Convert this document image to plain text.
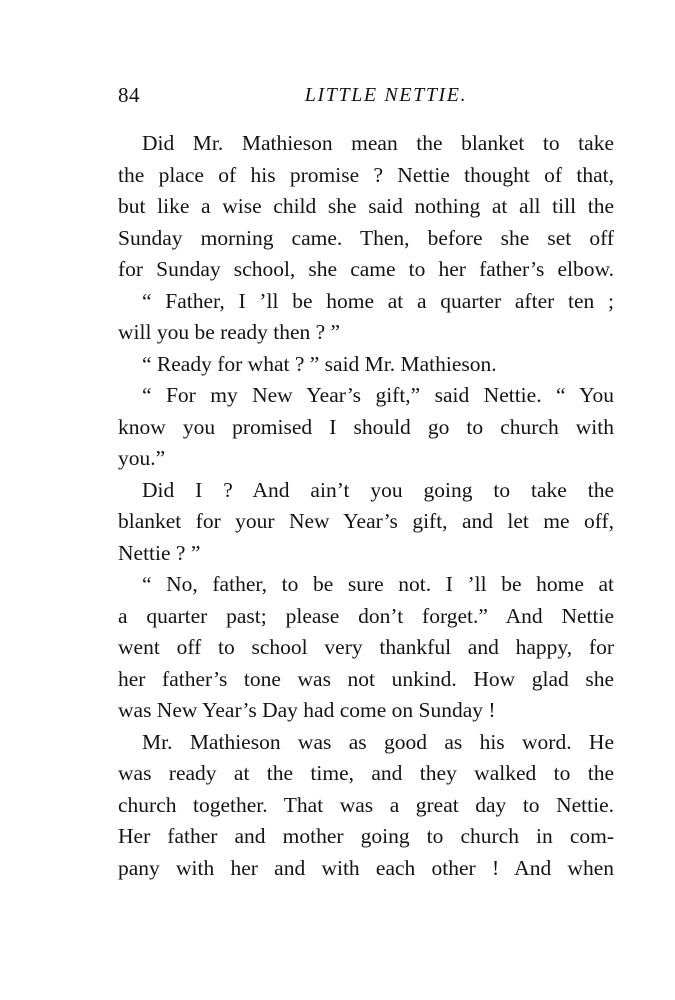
84	LITTLE NETTIE.
Did Mr. Mathieson mean the blanket to take
the place of his promise ? Nettie thought of that,
but like a wise child she said nothing at all till the
Sunday morning came. Then, before she set off
for Sunday school, she came to her father’s elbow.
“ Father, I ’ll be home at a quarter after ten ;
will you be ready then ? ”
“ Ready for what ? ” said Mr. Mathieson.
“ For my New Year’s gift,” said Nettie. “ You
know you promised I should go to church with
you.”
Did I ? And ain’t you going to take the
blanket for your New Year’s gift, and let me off,
Nettie ? ”
“ No, father, to be sure not. I ’ll be home at
a quarter past; please don’t forget.” And Nettie
went off to school very thankful and happy, for
her father’s tone was not unkind. How glad she
was New Year’s Day had come on Sunday !
Mr. Mathieson was as good as his word. He
was ready at the time, and they walked to the
church together. That was a great day to Nettie.
Her father and mother going to church in com-
pany with her and with each other ! And when
